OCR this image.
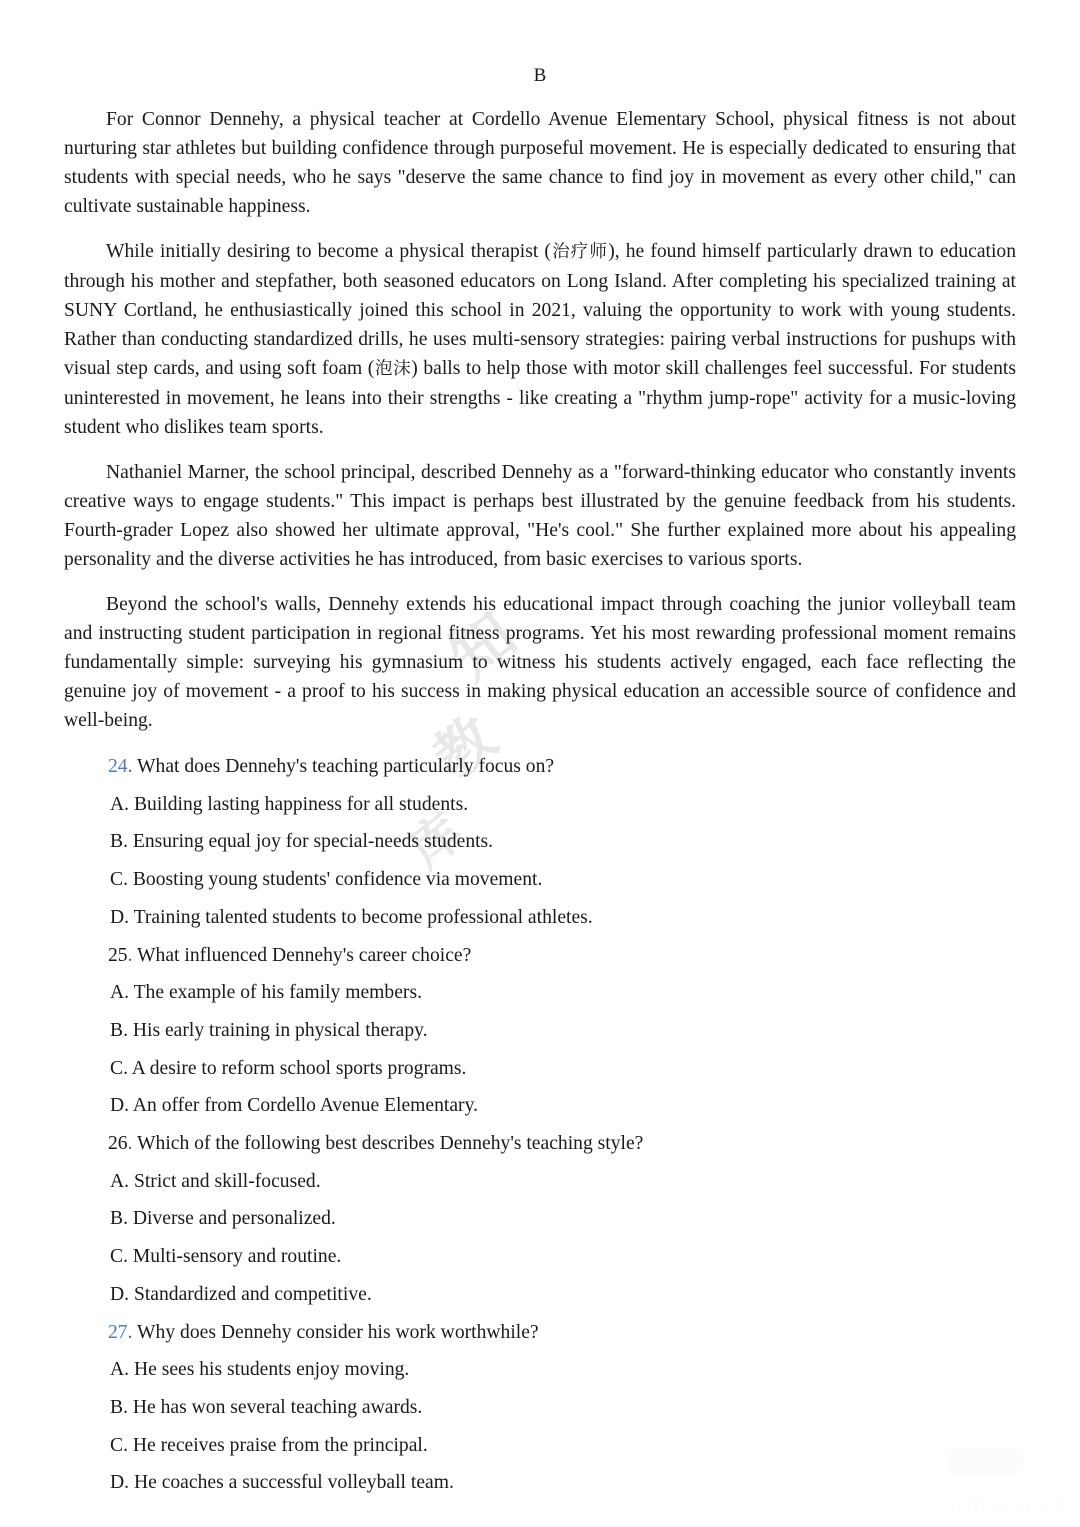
知
教
库
B

For Connor Dennehy, a physical teacher at Cordello Avenue Elementary School, physical fitness is not about nurturing star athletes but building confidence through purposeful movement. He is especially dedicated to ensuring that students with special needs, who he says "deserve the same chance to find joy in movement as every other child," can cultivate sustainable happiness.

While initially desiring to become a physical therapist (治疗师), he found himself particularly drawn to education through his mother and stepfather, both seasoned educators on Long Island. After completing his specialized training at SUNY Cortland, he enthusiastically joined this school in 2021, valuing the opportunity to work with young students. Rather than conducting standardized drills, he uses multi-sensory strategies: pairing verbal instructions for pushups with visual step cards, and using soft foam (泡沫) balls to help those with motor skill challenges feel successful. For students uninterested in movement, he leans into their strengths - like creating a "rhythm jump-rope" activity for a music-loving student who dislikes team sports.

Nathaniel Marner, the school principal, described Dennehy as a "forward-thinking educator who constantly invents creative ways to engage students." This impact is perhaps best illustrated by the genuine feedback from his students. Fourth-grader Lopez also showed her ultimate approval, "He's cool." She further explained more about his appealing personality and the diverse activities he has introduced, from basic exercises to various sports.

Beyond the school's walls, Dennehy extends his educational impact through coaching the junior volleyball team and instructing student participation in regional fitness programs. Yet his most rewarding professional moment remains fundamentally simple: surveying his gymnasium to witness his students actively engaged, each face reflecting the genuine joy of movement - a proof to his success in making physical education an accessible source of confidence and well-being.

24. What does Dennehy's teaching particularly focus on?
A. Building lasting happiness for all students.
B. Ensuring equal joy for special-needs students.
C. Boosting young students' confidence via movement.
D. Training talented students to become professional athletes.
25. What influenced Dennehy's career choice?
A. The example of his family members.
B. His early training in physical therapy.
C. A desire to reform school sports programs.
D. An offer from Cordello Avenue Elementary.
26. Which of the following best describes Dennehy's teaching style?
A. Strict and skill-focused.
B. Diverse and personalized.
C. Multi-sensory and routine.
D. Standardized and competitive.
27. Why does Dennehy consider his work worthwhile?
A. He sees his students enjoy moving.
B. He has won several teaching awards.
C. He receives praise from the principal.
D. He coaches a successful volleyball team.
